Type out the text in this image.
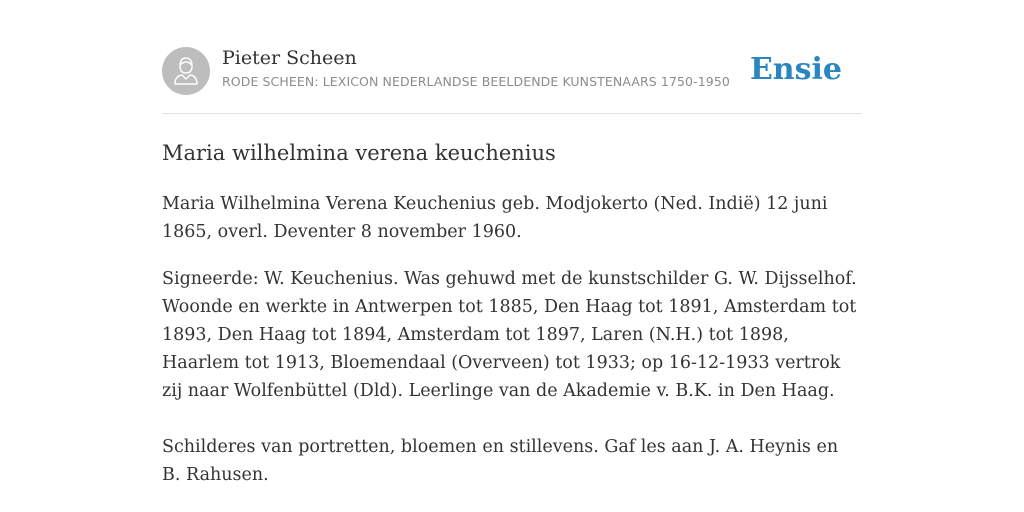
Pieter Scheen
RODE SCHEEN: LEXICON NEDERLANDSE BEELDENDE KUNSTENAARS 1750-1950 Ensie
Maria wilhelmina verena keuchenius

Maria Wilhelmina Verena Keuchenius geb. Modjokerto (Ned. Indië) 12 juni 1865, overl. Deventer 8 november 1960.

Signeerde: W. Keuchenius. Was gehuwd met de kunstschilder G. W. Dijsselhof. Woonde en werkte in Antwerpen tot 1885, Den Haag tot 1891, Amsterdam tot 1893, Den Haag tot 1894, Amsterdam tot 1897, Laren (N.H.) tot 1898, Haarlem tot 1913, Bloemendaal (Overveen) tot 1933; op 16-12-1933 vertrok zij naar Wolfenbüttel (Dld). Leerlinge van de Akademie v. B.K. in Den Haag.

Schilderes van portretten, bloemen en stillevens. Gaf les aan J. A. Heynis en B. Rahusen.
